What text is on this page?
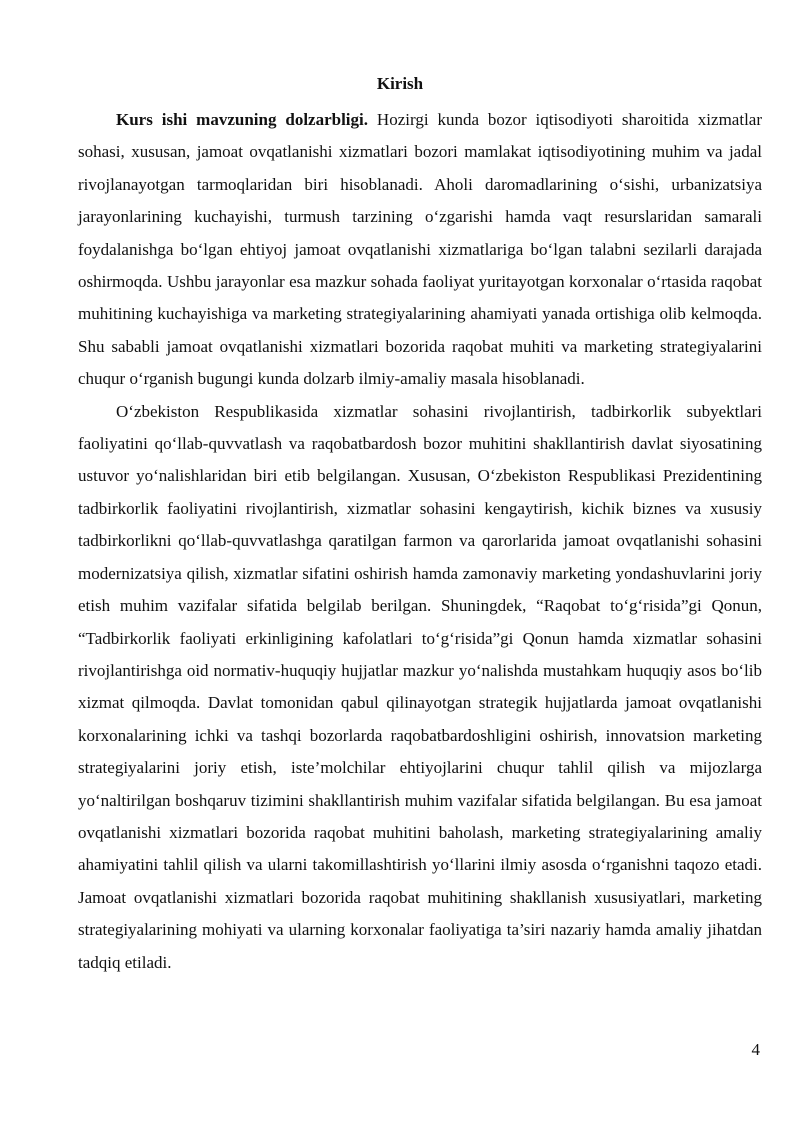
Kirish

Kurs ishi mavzuning dolzarbligi. Hozirgi kunda bozor iqtisodiyoti sharoitida xizmatlar sohasi, xususan, jamoat ovqatlanishi xizmatlari bozori mamlakat iqtisodiyotining muhim va jadal rivojlanayotgan tarmoqlaridan biri hisoblanadi. Aholi daromadlarining o‘sishi, urbanizatsiya jarayonlarining kuchayishi, turmush tarzining o‘zgarishi hamda vaqt resurslaridan samarali foydalanishga bo‘lgan ehtiyoj jamoat ovqatlanishi xizmatlariga bo‘lgan talabni sezilarli darajada oshirmoqda. Ushbu jarayonlar esa mazkur sohada faoliyat yuritayotgan korxonalar o‘rtasida raqobat muhitining kuchayishiga va marketing strategiyalarining ahamiyati yanada ortishiga olib kelmoqda. Shu sababli jamoat ovqatlanishi xizmatlari bozorida raqobat muhiti va marketing strategiyalarini chuqur o‘rganish bugungi kunda dolzarb ilmiy-amaliy masala hisoblanadi.

O‘zbekiston Respublikasida xizmatlar sohasini rivojlantirish, tadbirkorlik subyektlari faoliyatini qo‘llab-quvvatlash va raqobatbardosh bozor muhitini shakllantirish davlat siyosatining ustuvor yo‘nalishlaridan biri etib belgilangan. Xususan, O‘zbekiston Respublikasi Prezidentining tadbirkorlik faoliyatini rivojlantirish, xizmatlar sohasini kengaytirish, kichik biznes va xususiy tadbirkorlikni qo‘llab-quvvatlashga qaratilgan farmon va qarorlarida jamoat ovqatlanishi sohasini modernizatsiya qilish, xizmatlar sifatini oshirish hamda zamonaviy marketing yondashuvlarini joriy etish muhim vazifalar sifatida belgilab berilgan. Shuningdek, “Raqobat to‘g‘risida”gi Qonun, “Tadbirkorlik faoliyati erkinligining kafolatlari to‘g‘risida”gi Qonun hamda xizmatlar sohasini rivojlantirishga oid normativ-huquqiy hujjatlar mazkur yo‘nalishda mustahkam huquqiy asos bo‘lib xizmat qilmoqda. Davlat tomonidan qabul qilinayotgan strategik hujjatlarda jamoat ovqatlanishi korxonalarining ichki va tashqi bozorlarda raqobatbardoshligini oshirish, innovatsion marketing strategiyalarini joriy etish, iste’molchilar ehtiyojlarini chuqur tahlil qilish va mijozlarga yo‘naltirilgan boshqaruv tizimini shakllantirish muhim vazifalar sifatida belgilangan. Bu esa jamoat ovqatlanishi xizmatlari bozorida raqobat muhitini baholash, marketing strategiyalarining amaliy ahamiyatini tahlil qilish va ularni takomillashtirish yo‘llarini ilmiy asosda o‘rganishni taqozo etadi. Jamoat ovqatlanishi xizmatlari bozorida raqobat muhitining shakllanish xususiyatlari, marketing strategiyalarining mohiyati va ularning korxonalar faoliyatiga ta’siri nazariy hamda amaliy jihatdan tadqiq etiladi.

4
